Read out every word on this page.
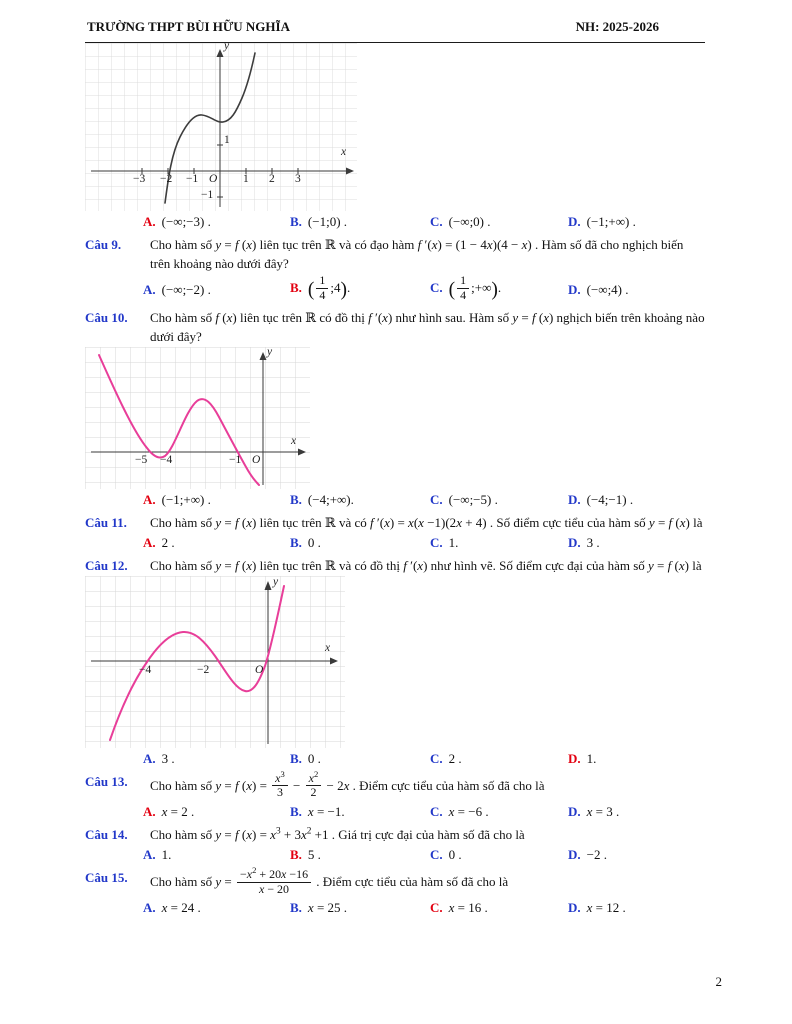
TRƯỜNG THPT BÙI HỮU NGHĨA	NH: 2025-2026
y
x
O
−3 −2 −1	1 2 3
1
−1
A. (−∞;−3) .	B. (−1;0) .	C. (−∞;0) .	D. (−1;+∞) .
Câu 9.	Cho hàm số y = f (x) liên tục trên ℝ và có đạo hàm f ′(x) = (1 − 4x)(4 − x) . Hàm số đã cho nghịch biến trên khoảng nào dưới đây?
A. (−∞;−2) .	B. ( $\frac{1}{4}$ ;4).	C. ( $\frac{1}{4}$ ;+∞).	D. (−∞;4) .
Câu 10.	Cho hàm số f (x) liên tục trên ℝ có đồ thị f ′(x) như hình sau. Hàm số y = f (x) nghịch biến trên khoảng nào dưới đây?
y
x
O
−5 −4	−1
A. (−1;+∞) .	B. (−4;+∞).	C. (−∞;−5) .	D. (−4;−1) .
Câu 11.	Cho hàm số y = f (x) liên tục trên ℝ và có f ′(x) = x(x −1)(2x + 4) . Số điểm cực tiểu của hàm số y = f (x) là
A. 2 .	B. 0 .	C. 1.	D. 3 .
Câu 12.	Cho hàm số y = f (x) liên tục trên ℝ và có đồ thị f ′(x) như hình vẽ. Số điểm cực đại của hàm số y = f (x) là
y
x
O
−4	−2
A. 3 .	B. 0 .	C. 2 .	D. 1.
Câu 13.	Cho hàm số y = f $(x) = \frac{x^3}{3} - \frac{x^2}{2} - 2x$ . Điểm cực tiểu của hàm số đã cho là
A. x = 2 .	B. x = −1.	C. x = −6 .	D. x = 3 .
Câu 14.	Cho hàm số y = f $(x) = x^3 + 3x^2 +1$ . Giá trị cực đại của hàm số đã cho là
A. 1.	B. 5 .	C. 0 .	D. −2 .
Câu 15.	Cho hàm số $y = \frac{-x^2 + 20x -16}{x - 20}$ . Điểm cực tiểu của hàm số đã cho là
A. x = 24 .	B. x = 25 .	C. x = 16 .	D. x = 12 .
2
